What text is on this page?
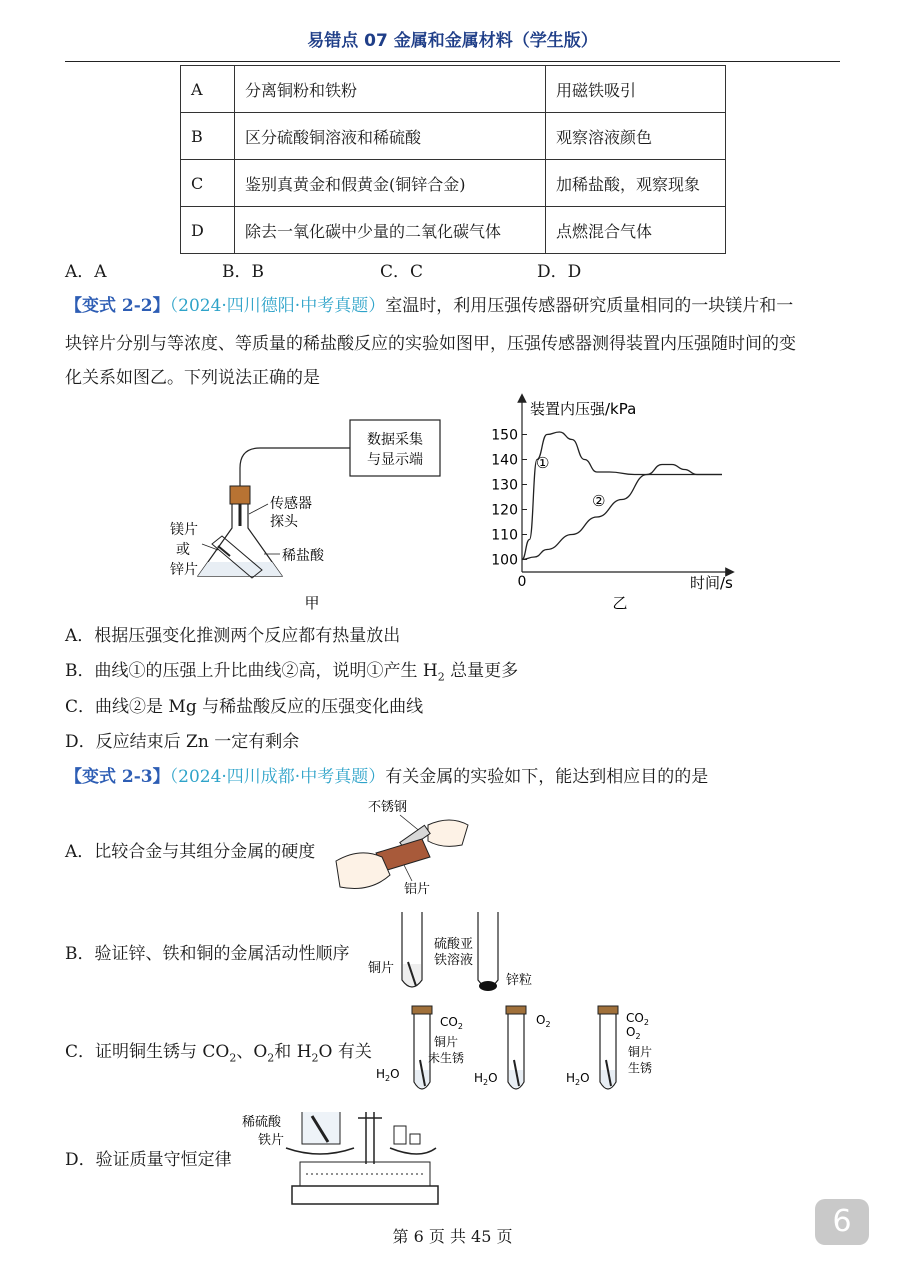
易错点 07 金属和金属材料（学生版）
A	分离铜粉和铁粉	用磁铁吸引
B	区分硫酸铜溶液和稀硫酸	观察溶液颜色
C	鉴别真黄金和假黄金(铜锌合金)	加稀盐酸，观察现象
D	除去一氧化碳中少量的二氧化碳气体	点燃混合气体
A．A	B．B	C．C	D．D
【变式 2-2】（2024·四川德阳·中考真题）室温时，利用压强传感器研究质量相同的一块镁片和一
块锌片分别与等浓度、等质量的稀盐酸反应的实验如图甲，压强传感器测得装置内压强随时间的变
化关系如图乙。下列说法正确的是
数据采集
与显示端
传感器
探头
稀盐酸
镁片
或
锌片
甲
装置内压强/kPa
时间/s
0
100
110
120
130
140
150
①
②
乙
A．根据压强变化推测两个反应都有热量放出
B．曲线①的压强上升比曲线②高，说明①产生 $H_2$ 总量更多
C．曲线②是 Mg 与稀盐酸反应的压强变化曲线
D．反应结束后 Zn 一定有剩余
【变式 2-3】（2024·四川成都·中考真题）有关金属的实验如下，能达到相应目的的是
A．比较合金与其组分金属的硬度
不锈钢
铝片
B．验证锌、铁和铜的金属活动性顺序
铜片
硫酸亚
铁溶液
锌粒
C．证明铜生锈与 $CO_2$、$O_2$和 $H_2O$ 有关
$CO_2$
$H_2O$
铜片
未生锈
$O_2$
$H_2O$
$CO_2$
$O_2$
$H_2O$
铜片
生锈
D．验证质量守恒定律
稀硫酸
铁片
第 6 页 共 45 页	6
